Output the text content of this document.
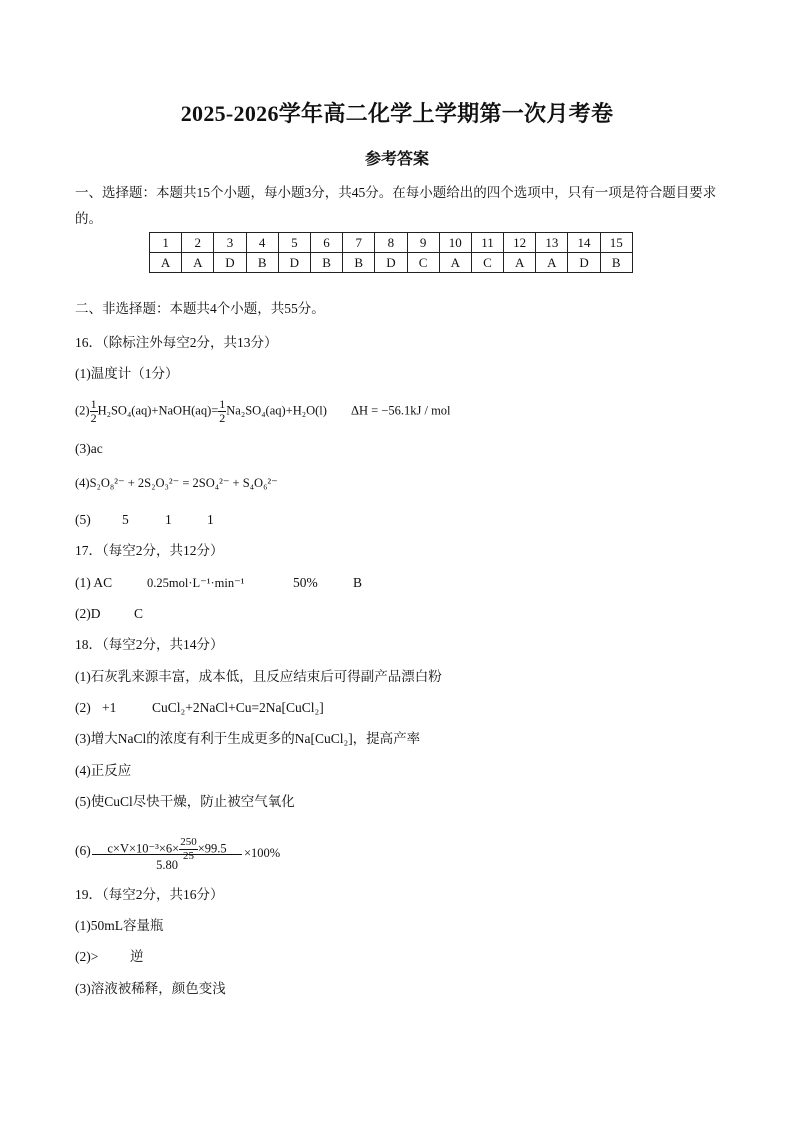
2025-2026学年高二化学上学期第一次月考卷
参考答案
一、选择题：本题共15个小题，每小题3分，共45分。在每小题给出的四个选项中，只有一项是符合题目要求的。
1	2	3	4	5	6	7	8	9	10	11	12	13	14	15
A	A	D	B	D	B	B	D	C	A	C	A	A	D	B
二、非选择题：本题共4个小题，共55分。
16．（除标注外每空2分，共13分）
(1)温度计（1分）
$(2) \frac{1}{2}$ H₂SO₄(aq)+NaOH(aq)= $\frac{1}{2} Na_2SO_4(aq)+H_2O(l) \Delta H = -56.1kJ$ / mol
(3)ac
(4)S₂O₈²⁻ + 2S₂O₃²⁻ = 2SO₄²⁻ + S₄O₆²⁻
(5) 5	1	1
17．（每空2分，共12分）
(1) AC	0.25mol·L⁻¹·min⁻¹	50%	B
(2)D C
18．（每空2分，共14分）
(1)石灰乳来源丰富，成本低，且反应结束后可得副产品漂白粉
(2) +1	CuCl₂+2NaCl+Cu=2Na[CuCl₂]
(3)增大NaCl的浓度有利于生成更多的Na[CuCl₂]，提高产率
(4)正反应
(5)使CuCl尽快干燥，防止被空气氧化
(6)	$c\times V\times 10^{-3}\times 6\times \frac{250}{25} \times 99.5$
5.80
×100%
19．（每空2分，共16分）
(1)50mL容量瓶
(2)> 逆
(3)溶液被稀释，颜色变浅
